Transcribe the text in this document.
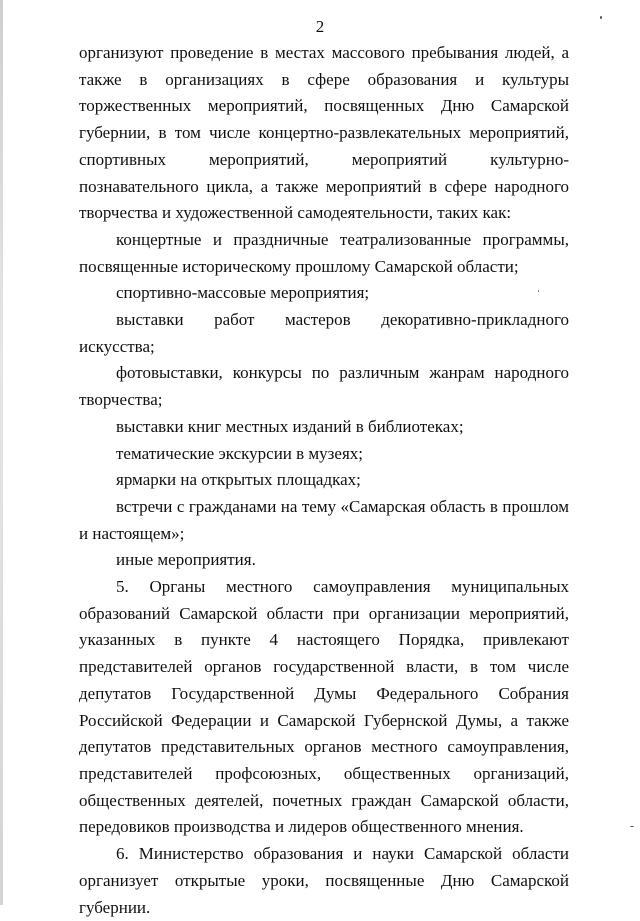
2

организуют проведение в местах массового пребывания людей, а также в организациях в сфере образования и культуры торжественных мероприятий, посвященных Дню Самарской губернии, в том числе концертно-развлекательных мероприятий, спортивных мероприятий, мероприятий культурно-познавательного цикла, а также мероприятий в сфере народного творчества и художественной самодеятельности, таких как:

концертные и праздничные театрализованные программы, посвященные историческому прошлому Самарской области;

спортивно-массовые мероприятия;

выставки работ мастеров декоративно-прикладного искусства;

фотовыставки, конкурсы по различным жанрам народного творчества;

выставки книг местных изданий в библиотеках;

тематические экскурсии в музеях;

ярмарки на открытых площадках;

встречи с гражданами на тему «Самарская область в прошлом и настоящем»;

иные мероприятия.

5. Органы местного самоуправления муниципальных образований Самарской области при организации мероприятий, указанных в пункте 4 настоящего Порядка, привлекают представителей органов государственной власти, в том числе депутатов Государственной Думы Федерального Собрания Российской Федерации и Самарской Губернской Думы, а также депутатов представительных органов местного самоуправления, представителей профсоюзных, общественных организаций, общественных деятелей, почетных граждан Самарской области, передовиков производства и лидеров общественного мнения.

6. Министерство образования и науки Самарской области организует открытые уроки, посвященные Дню Самарской губернии.
